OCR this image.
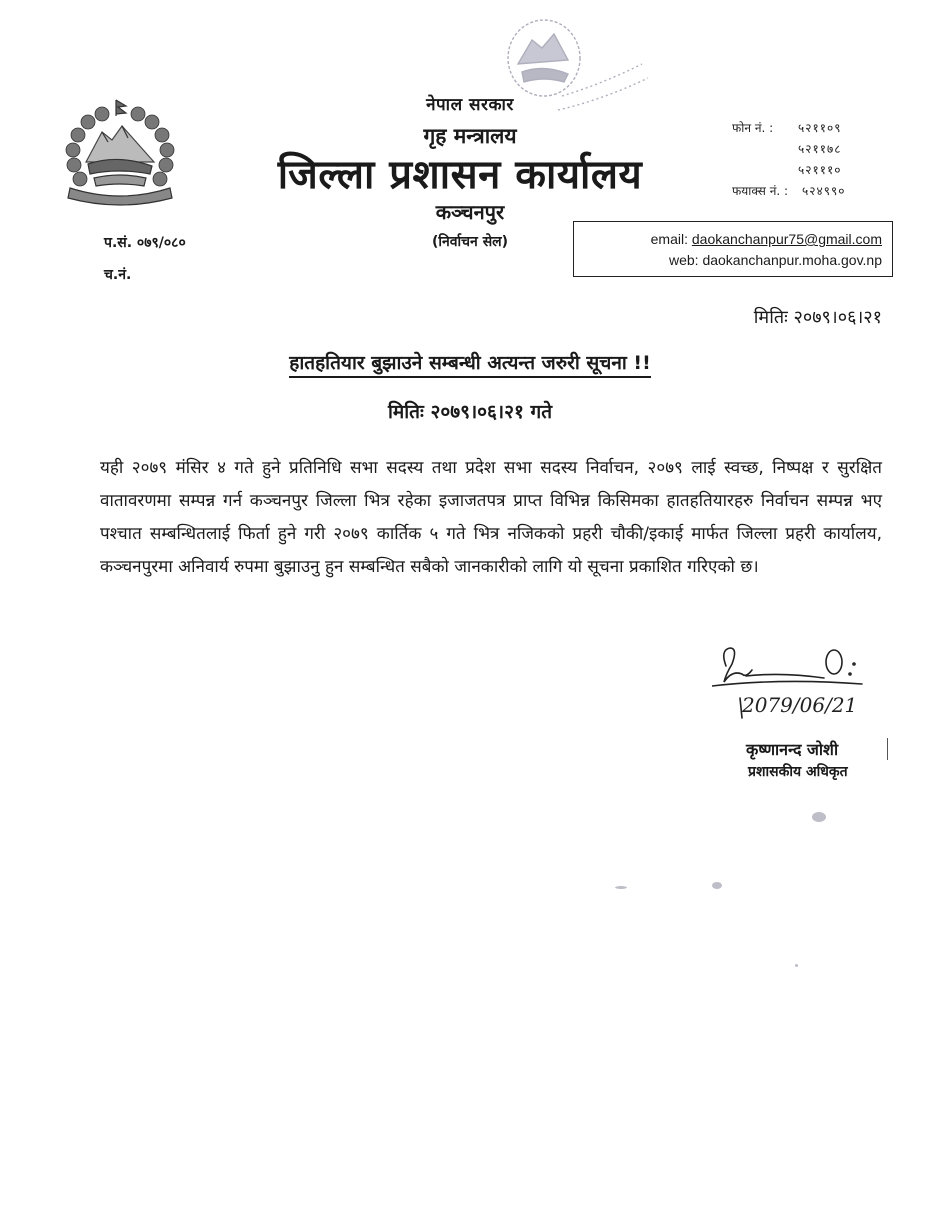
नेपाल सरकार
गृह मन्त्रालय
जिल्ला प्रशासन कार्यालय
कञ्चनपुर
(निर्वाचन सेल)
फोन नं. :	५२११०९
५२११७८
५२१११०
फयाक्स नं. :	५२४९९०
प.सं. ०७९/०८०
च.नं.
email: daokanchanpur75@gmail.com
web: daokanchanpur.moha.gov.np
मितिः २०७९।०६।२१
हातहतियार बुझाउने सम्बन्धी अत्यन्त जरुरी सूचना !!
मितिः २०७९।०६।२१ गते
यही २०७९ मंसिर ४ गते हुने प्रतिनिधि सभा सदस्य तथा प्रदेश सभा सदस्य निर्वाचन, २०७९ लाई स्वच्छ, निष्पक्ष र सुरक्षित वातावरणमा सम्पन्न गर्न कञ्चनपुर जिल्ला भित्र रहेका इजाजतपत्र प्राप्त विभिन्न किसिमका हातहतियारहरु निर्वाचन सम्पन्न भए पश्चात सम्बन्धितलाई फिर्ता हुने गरी २०७९ कार्तिक ५ गते भित्र नजिकको प्रहरी चौकी/इकाई मार्फत जिल्ला प्रहरी कार्यालय, कञ्चनपुरमा अनिवार्य रुपमा बुझाउनु हुन सम्बन्धित सबैको जानकारीको लागि यो सूचना प्रकाशित गरिएको छ।
2079/06/21
कृष्णानन्द जोशी
प्रशासकीय अधिकृत
